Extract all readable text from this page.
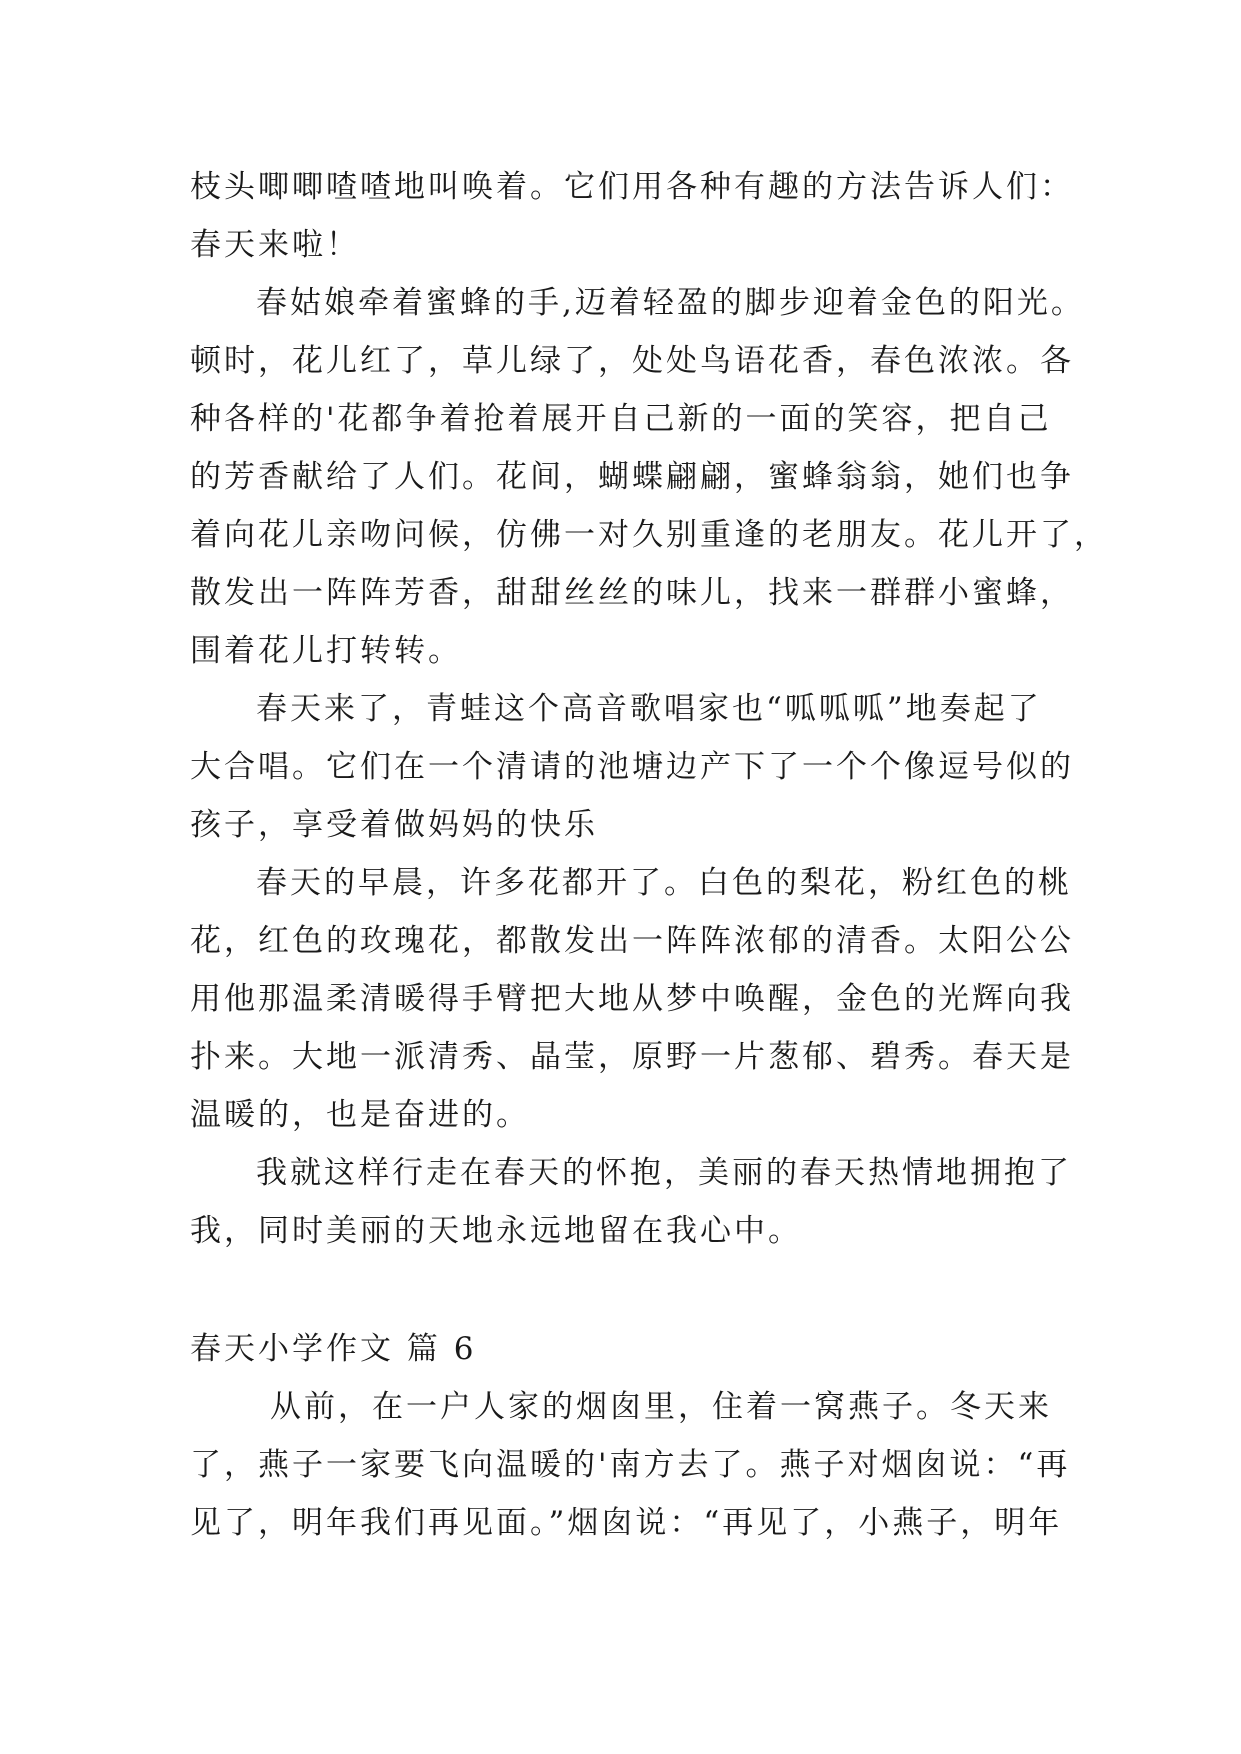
枝头唧唧喳喳地叫唤着。它们用各种有趣的方法告诉人们：
春天来啦！
春姑娘牵着蜜蜂的手,迈着轻盈的脚步迎着金色的阳光。
顿时，花儿红了，草儿绿了，处处鸟语花香，春色浓浓。各
种各样的'花都争着抢着展开自己新的一面的笑容，把自己
的芳香献给了人们。花间，蝴蝶翩翩，蜜蜂翁翁，她们也争
着向花儿亲吻问候，仿佛一对久别重逢的老朋友。花儿开了，
散发出一阵阵芳香，甜甜丝丝的味儿，找来一群群小蜜蜂，
围着花儿打转转。
春天来了，青蛙这个高音歌唱家也“呱呱呱”地奏起了
大合唱。它们在一个清请的池塘边产下了一个个像逗号似的
孩子，享受着做妈妈的快乐
春天的早晨，许多花都开了。白色的梨花，粉红色的桃
花，红色的玫瑰花，都散发出一阵阵浓郁的清香。太阳公公
用他那温柔清暖得手臂把大地从梦中唤醒，金色的光辉向我
扑来。大地一派清秀、晶莹，原野一片葱郁、碧秀。春天是
温暖的，也是奋进的。
我就这样行走在春天的怀抱，美丽的春天热情地拥抱了
我，同时美丽的天地永远地留在我心中。
春天小学作文 篇 6
从前，在一户人家的烟囱里，住着一窝燕子。冬天来
了，燕子一家要飞向温暖的'南方去了。燕子对烟囱说：“再
见了，明年我们再见面。”烟囱说：“再见了，小燕子，明年
